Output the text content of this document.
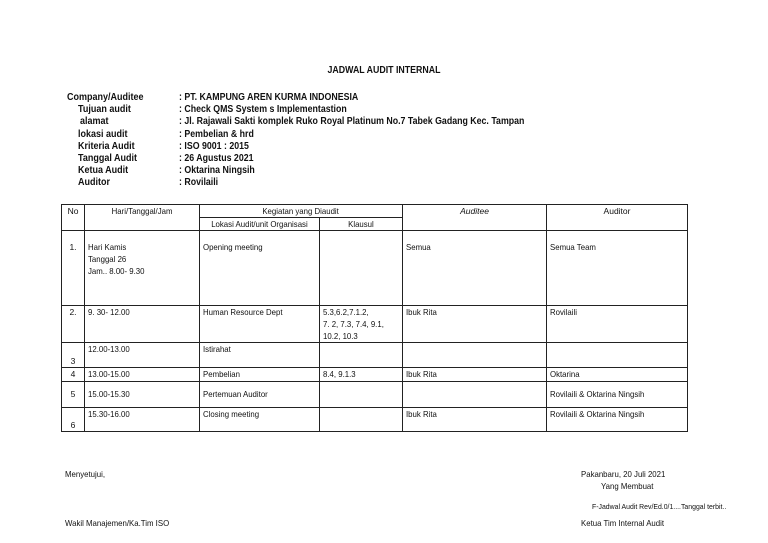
JADWAL AUDIT INTERNAL
Company/Auditee	: PT. KAMPUNG AREN KURMA INDONESIA
Tujuan audit	: Check QMS System s Implementastion
alamat	: Jl. Rajawali Sakti komplek Ruko Royal Platinum No.7 Tabek Gadang Kec. Tampan
lokasi audit	: Pembelian & hrd
Kriteria Audit	: ISO 9001 : 2015
Tanggal Audit	: 26 Agustus 2021
Ketua Audit	: Oktarina Ningsih
Auditor	: Rovilaili
No	Hari/Tanggal/Jam	Kegiatan yang Diaudit		Auditee	Auditor
		Lokasi Audit/unit Organisasi	Klausul		
1.	Hari Kamis
Tanggal 26
Jam.. 8.00- 9.30	Opening meeting		Semua	Semua Team
2.	9. 30- 12.00	Human Resource Dept	5.3,6.2,7.1.2,
7. 2, 7.3, 7.4, 9.1,
10.2, 10.3	Ibuk Rita	Rovilaili
3	12.00-13.00	Istirahat			
4	13.00-15.00	Pembelian	8.4, 9.1.3	Ibuk Rita	Oktarina
5	15.00-15.30	Pertemuan Auditor			Rovilaili & Oktarina Ningsih
6	15.30-16.00	Closing meeting		Ibuk Rita	Rovilaili & Oktarina Ningsih
Menyetujui,	Pakanbaru, 20 Juli 2021
Yang Membuat
F-Jadwal Audit Rev/Ed.0/1....Tanggal terbit..
Wakil Manajemen/Ka.Tim ISO	Ketua Tim Internal Audit
